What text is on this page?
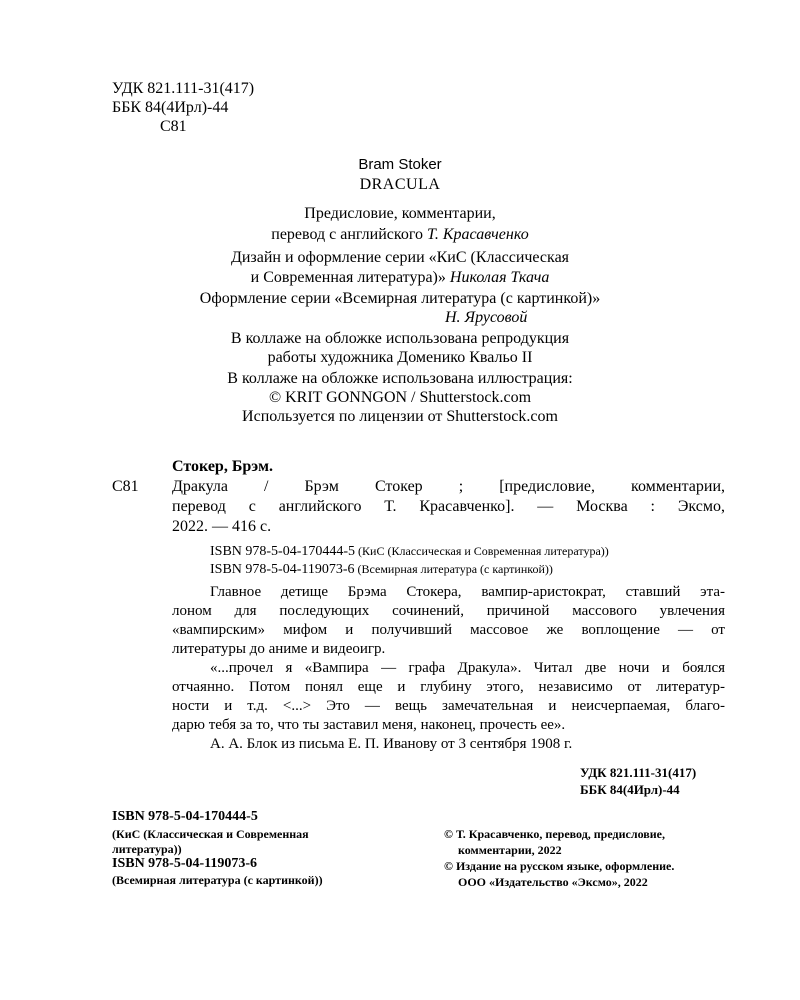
УДК 821.111-31(417)
ББК 84(4Ирл)-44
С81
Bram Stoker
DRACULA
Предисловие, комментарии,
перевод с английского Т. Красавченко
Дизайн и оформление серии «КиС (Классическая
и Современная литература)» Николая Ткача
Оформление серии «Всемирная литература (с картинкой)»
Н. Ярусовой
В коллаже на обложке использована репродукция
работы художника Доменико Квальо II
В коллаже на обложке использована иллюстрация:
© KRIT GONNGON / Shutterstock.com
Используется по лицензии от Shutterstock.com
Стокер, Брэм.
С81 Дракула / Брэм Стокер ; [предисловие, комментарии,
перевод с английского Т. Красавченко]. — Москва : Эксмо,
2022. — 416 с.
ISBN 978-5-04-170444-5 (КиС (Классическая и Современная литература))
ISBN 978-5-04-119073-6 (Всемирная литература (с картинкой))
Главное детище Брэма Стокера, вампир-аристократ, ставший эта-
лоном для последующих сочинений, причиной массового увлечения
«вампирским» мифом и получивший массовое же воплощение — от
литературы до аниме и видеоигр.
«...прочел я «Вампира — графа Дракула». Читал две ночи и боялся
отчаянно. Потом понял еще и глубину этого, независимо от литератур-
ности и т.д. <...> Это — вещь замечательная и неисчерпаемая, благо-
дарю тебя за то, что ты заставил меня, наконец, прочесть ее».
А. А. Блок из письма Е. П. Иванову от 3 сентября 1908 г.
УДК 821.111-31(417)
ББК 84(4Ирл)-44
ISBN 978-5-04-170444-5
(КиС (Классическая и Современная
литература))
ISBN 978-5-04-119073-6
(Всемирная литература (с картинкой))
© Т. Красавченко, перевод, предисловие,
комментарии, 2022
© Издание на русском языке, оформление.
ООО «Издательство «Эксмо», 2022
